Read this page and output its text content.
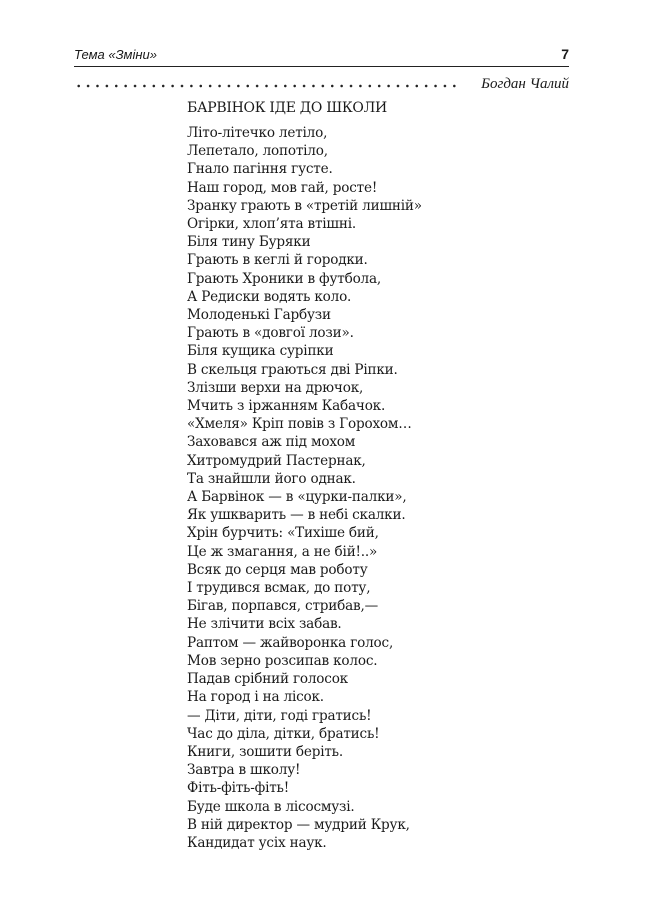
Тема «Зміни»	7
Богдан Чалий
БАРВІНОК ІДЕ ДО ШКОЛИ
Літо-літечко летіло,
Лепетало, лопотіло,
Гнало пагіння густе.
Наш город, мов гай, росте!
Зранку грають в «третій лишній»
Огірки, хлоп’ята втішні.
Біля тину Буряки
Грають в кеглі й городки.
Грають Хроники в футбола,
А Редиски водять коло.
Молоденькі Гарбузи
Грають в «довгої лози».
Біля кущика суріпки
В скельця граються дві Ріпки.
Злізши верхи на дрючок,
Мчить з іржанням Кабачок.
«Хмеля» Кріп повів з Горохом…
Заховався аж під мохом
Хитромудрий Пастернак,
Та знайшли його однак.
А Барвінок — в «цурки-палки»,
Як ушкварить — в небі скалки.
Хрін бурчить: «Тихіше бий,
Це ж змагання, а не бій!..»
Всяк до серця мав роботу
І трудився всмак, до поту,
Бігав, порпався, стрибав,—
Не злічити всіх забав.
Раптом — жайворонка голос,
Мов зерно розсипав колос.
Падав срібний голосок
На город і на лісок.
— Діти, діти, годі гратись!
Час до діла, дітки, братись!
Книги, зошити беріть.
Завтра в школу!
Фіть-фіть-фіть!
Буде школа в лісосмузі.
В ній директор — мудрий Крук,
Кандидат усіх наук.
